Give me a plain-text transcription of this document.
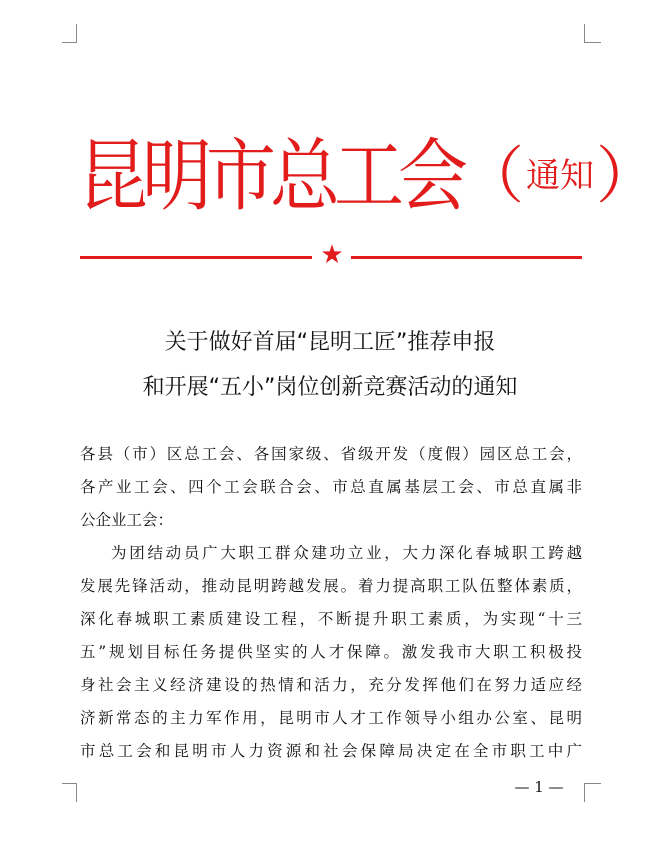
昆明市总工会（通知）
★
关于做好首届“昆明工匠”推荐申报
和开展“五小”岗位创新竞赛活动的通知
各县（市）区总工会、各国家级、省级开发（度假）园区总工会，
各产业工会、四个工会联合会、市总直属基层工会、市总直属非
公企业工会：
为团结动员广大职工群众建功立业，大力深化春城职工跨越
发展先锋活动，推动昆明跨越发展。着力提高职工队伍整体素质，
深化春城职工素质建设工程，不断提升职工素质，为实现“十三
五”规划目标任务提供坚实的人才保障。激发我市大职工积极投
身社会主义经济建设的热情和活力，充分发挥他们在努力适应经
济新常态的主力军作用，昆明市人才工作领导小组办公室、昆明
市总工会和昆明市人力资源和社会保障局决定在全市职工中广
— 1 —
